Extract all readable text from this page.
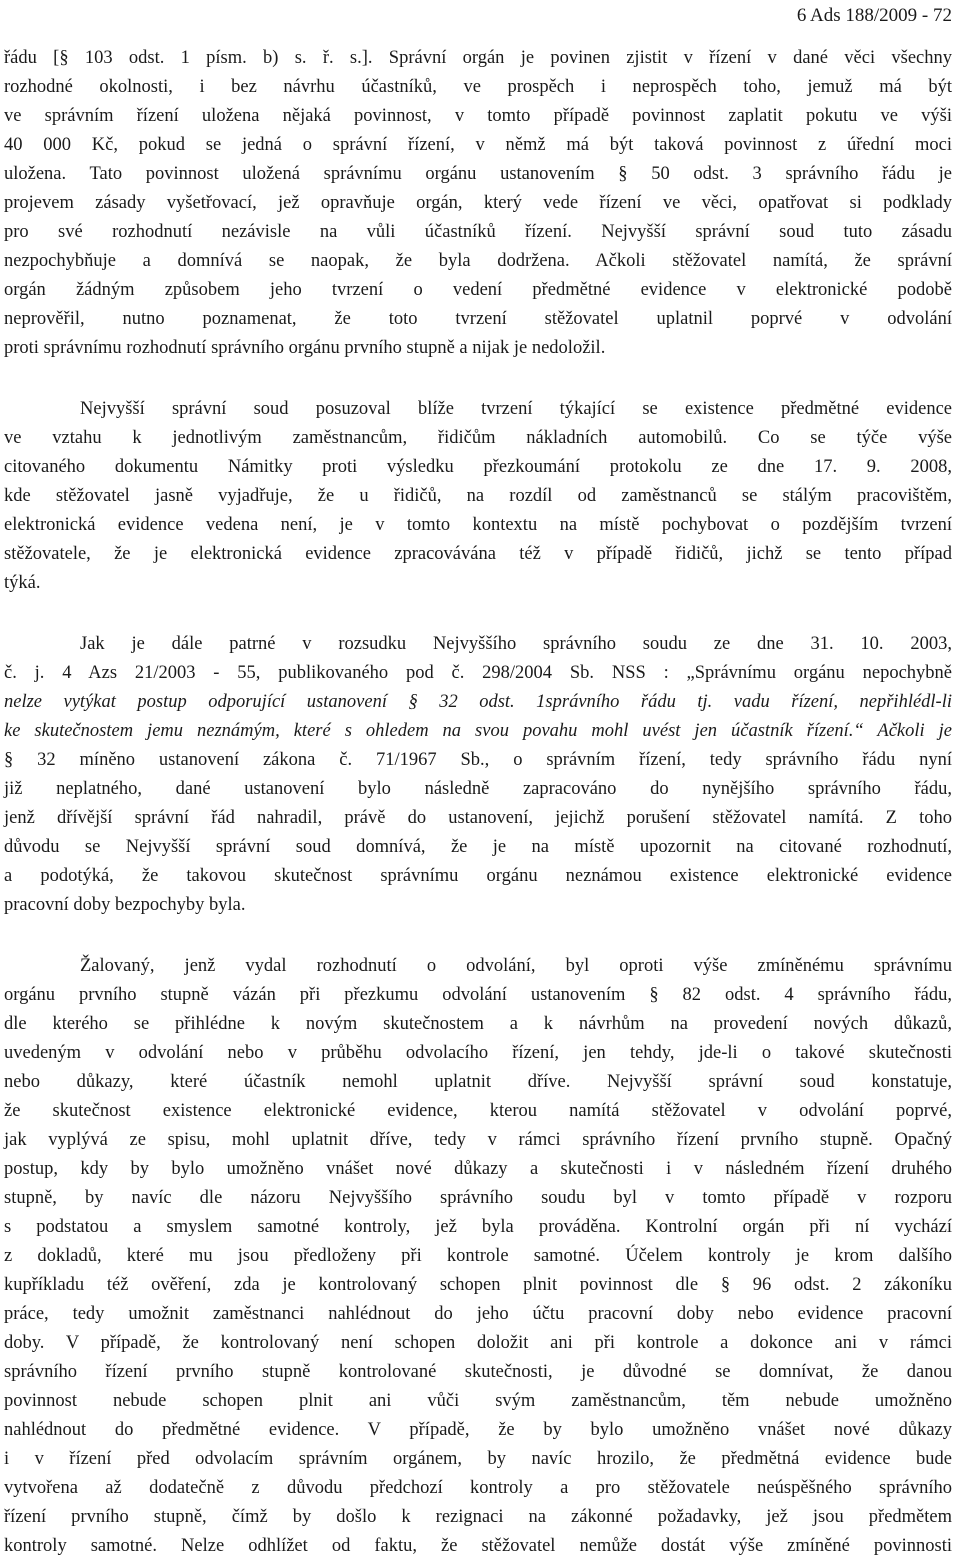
6 Ads 188/2009 - 72
řádu [§ 103 odst. 1 písm. b) s. ř. s.]. Správní orgán je povinen zjistit v řízení v dané věci všechny
rozhodné okolnosti, i bez návrhu účastníků, ve prospěch i neprospěch toho, jemuž má být
ve správním řízení uložena nějaká povinnost, v tomto případě povinnost zaplatit pokutu ve výši
40 000 Kč, pokud se jedná o správní řízení, v němž má být taková povinnost z úřední moci
uložena. Tato povinnost uložená správnímu orgánu ustanovením § 50 odst. 3 správního řádu je
projevem zásady vyšetřovací, jež opravňuje orgán, který vede řízení ve věci, opatřovat si podklady
pro své rozhodnutí nezávisle na vůli účastníků řízení. Nejvyšší správní soud tuto zásadu
nezpochybňuje a domnívá se naopak, že byla dodržena. Ačkoli stěžovatel namítá, že správní
orgán žádným způsobem jeho tvrzení o vedení předmětné evidence v elektronické podobě
neprověřil, nutno poznamenat, že toto tvrzení stěžovatel uplatnil poprvé v odvolání
proti správnímu rozhodnutí správního orgánu prvního stupně a nijak je nedoložil.
Nejvyšší správní soud posuzoval blíže tvrzení týkající se existence předmětné evidence
ve vztahu k jednotlivým zaměstnancům, řidičům nákladních automobilů. Co se týče výše
citovaného dokumentu Námitky proti výsledku přezkoumání protokolu ze dne 17. 9. 2008,
kde stěžovatel jasně vyjadřuje, že u řidičů, na rozdíl od zaměstnanců se stálým pracovištěm,
elektronická evidence vedena není, je v tomto kontextu na místě pochybovat o pozdějším tvrzení
stěžovatele, že je elektronická evidence zpracovávána též v případě řidičů, jichž se tento případ
týká.
Jak je dále patrné v rozsudku Nejvyššího správního soudu ze dne 31. 10. 2003,
č. j. 4 Azs 21/2003 - 55, publikovaného pod č. 298/2004 Sb. NSS : „Správnímu orgánu nepochybně
nelze vytýkat postup odporující ustanovení § 32 odst. 1správního řádu tj. vadu řízení, nepřihlédl-li
ke skutečnostem jemu neznámým, které s ohledem na svou povahu mohl uvést jen účastník řízení.“ Ačkoli je
§ 32 míněno ustanovení zákona č. 71/1967 Sb., o správním řízení, tedy správního řádu nyní
již neplatného, dané ustanovení bylo následně zapracováno do nynějšího správního řádu,
jenž dřívější správní řád nahradil, právě do ustanovení, jejichž porušení stěžovatel namítá. Z toho
důvodu se Nejvyšší správní soud domnívá, že je na místě upozornit na citované rozhodnutí,
a podotýká, že takovou skutečnost správnímu orgánu neznámou existence elektronické evidence
pracovní doby bezpochyby byla.
Žalovaný, jenž vydal rozhodnutí o odvolání, byl oproti výše zmíněnému správnímu
orgánu prvního stupně vázán při přezkumu odvolání ustanovením § 82 odst. 4 správního řádu,
dle kterého se přihlédne k novým skutečnostem a k návrhům na provedení nových důkazů,
uvedeným v odvolání nebo v průběhu odvolacího řízení, jen tehdy, jde-li o takové skutečnosti
nebo důkazy, které účastník nemohl uplatnit dříve. Nejvyšší správní soud konstatuje,
že skutečnost existence elektronické evidence, kterou namítá stěžovatel v odvolání poprvé,
jak vyplývá ze spisu, mohl uplatnit dříve, tedy v rámci správního řízení prvního stupně. Opačný
postup, kdy by bylo umožněno vnášet nové důkazy a skutečnosti i v následném řízení druhého
stupně, by navíc dle názoru Nejvyššího správního soudu byl v tomto případě v rozporu
s podstatou a smyslem samotné kontroly, jež byla prováděna. Kontrolní orgán při ní vychází
z dokladů, které mu jsou předloženy při kontrole samotné. Účelem kontroly je krom dalšího
kupříkladu též ověření, zda je kontrolovaný schopen plnit povinnost dle § 96 odst. 2 zákoníku
práce, tedy umožnit zaměstnanci nahlédnout do jeho účtu pracovní doby nebo evidence pracovní
doby. V případě, že kontrolovaný není schopen doložit ani při kontrole a dokonce ani v rámci
správního řízení prvního stupně kontrolované skutečnosti, je důvodné se domnívat, že danou
povinnost nebude schopen plnit ani vůči svým zaměstnancům, těm nebude umožněno
nahlédnout do předmětné evidence. V případě, že by bylo umožněno vnášet nové důkazy
i v řízení před odvolacím správním orgánem, by navíc hrozilo, že předmětná evidence bude
vytvořena až dodatečně z důvodu předchozí kontroly a pro stěžovatele neúspěšného správního
řízení prvního stupně, čímž by došlo k rezignaci na zákonné požadavky, jež jsou předmětem
kontroly samotné. Nelze odhlížet od faktu, že stěžovatel nemůže dostát výše zmíněné povinnosti
